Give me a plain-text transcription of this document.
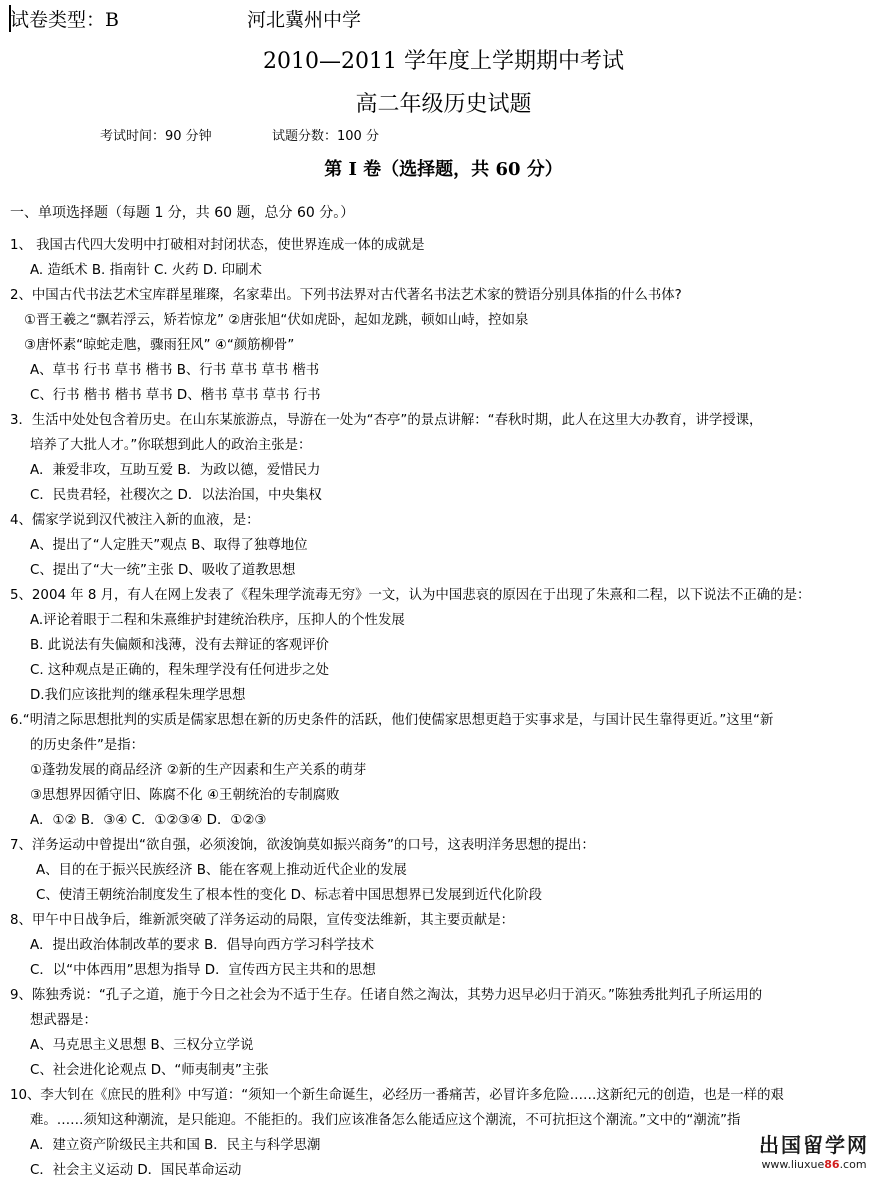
试卷类型：B	河北冀州中学
2010—2011 学年度上学期期中考试
高二年级历史试题
考试时间：90 分钟	试题分数：100 分
第 I 卷（选择题，共 60 分）
一、单项选择题（每题 1 分，共 60 题，总分 60 分。）
1、 我国古代四大发明中打破相对封闭状态，使世界连成一体的成就是
A. 造纸术 B. 指南针 C. 火药 D. 印刷术
2、中国古代书法艺术宝库群星璀璨，名家辈出。下列书法界对古代著名书法艺术家的赞语分别具体指的什么书体?
①晋王羲之“飘若浮云，矫若惊龙” ②唐张旭“伏如虎卧，起如龙跳，顿如山峙，控如泉
③唐怀素“晾蛇走虺，骤雨狂风” ④“颜筋柳骨”
A、草书 行书 草书 楷书 B、行书 草书 草书 楷书
C、行书 楷书 楷书 草书 D、楷书 草书 草书 行书
3．生活中处处包含着历史。在山东某旅游点，导游在一处为“杏亭”的景点讲解：“春秋时期，此人在这里大办教育，讲学授课，
培养了大批人才。”你联想到此人的政治主张是：
A．兼爱非攻，互助互爱 B．为政以德，爱惜民力
C．民贵君轻，社稷次之 D．以法治国，中央集权
4、儒家学说到汉代被注入新的血液，是：
A、提出了“人定胜天”观点 B、取得了独尊地位
C、提出了“大一统”主张 D、吸收了道教思想
5、2004 年 8 月，有人在网上发表了《程朱理学流毒无穷》一文，认为中国悲哀的原因在于出现了朱熹和二程，以下说法不正确的是：
A.评论着眼于二程和朱熹维护封建统治秩序，压抑人的个性发展
B. 此说法有失偏颇和浅薄，没有去辩证的客观评价
C. 这种观点是正确的，程朱理学没有任何进步之处
D.我们应该批判的继承程朱理学思想
6.“明清之际思想批判的实质是儒家思想在新的历史条件的活跃，他们使儒家思想更趋于实事求是，与国计民生靠得更近。”这里“新
的历史条件”是指：
①蓬勃发展的商品经济 ②新的生产因素和生产关系的萌芽
③思想界因循守旧、陈腐不化 ④王朝统治的专制腐败
A．①② B．③④ C．①②③④ D．①②③
7、洋务运动中曾提出“欲自强，必须浚饷，欲浚饷莫如振兴商务”的口号，这表明洋务思想的提出：
A、目的在于振兴民族经济 B、能在客观上推动近代企业的发展
C、使清王朝统治制度发生了根本性的变化 D、标志着中国思想界已发展到近代化阶段
8、甲午中日战争后，维新派突破了洋务运动的局限，宣传变法维新，其主要贡献是：
A．提出政治体制改革的要求 B．倡导向西方学习科学技术
C．以“中体西用”思想为指导 D．宣传西方民主共和的思想
9、陈独秀说：“孔子之道，施于今日之社会为不适于生存。任诸自然之淘汰，其势力迟早必归于消灭。”陈独秀批判孔子所运用的
想武器是：
A、马克思主义思想 B、三权分立学说
C、社会进化论观点 D、“师夷制夷”主张
10、李大钊在《庶民的胜利》中写道：“须知一个新生命诞生，必经历一番痛苦，必冒许多危险……这新纪元的创造，也是一样的艰
难。……须知这种潮流，是只能迎。不能拒的。我们应该准备怎么能适应这个潮流，不可抗拒这个潮流。”文中的“潮流”指
A．建立资产阶级民主共和国 B．民主与科学思潮
C．社会主义运动 D．国民革命运动
出国留学网
www.liuxue86.com
